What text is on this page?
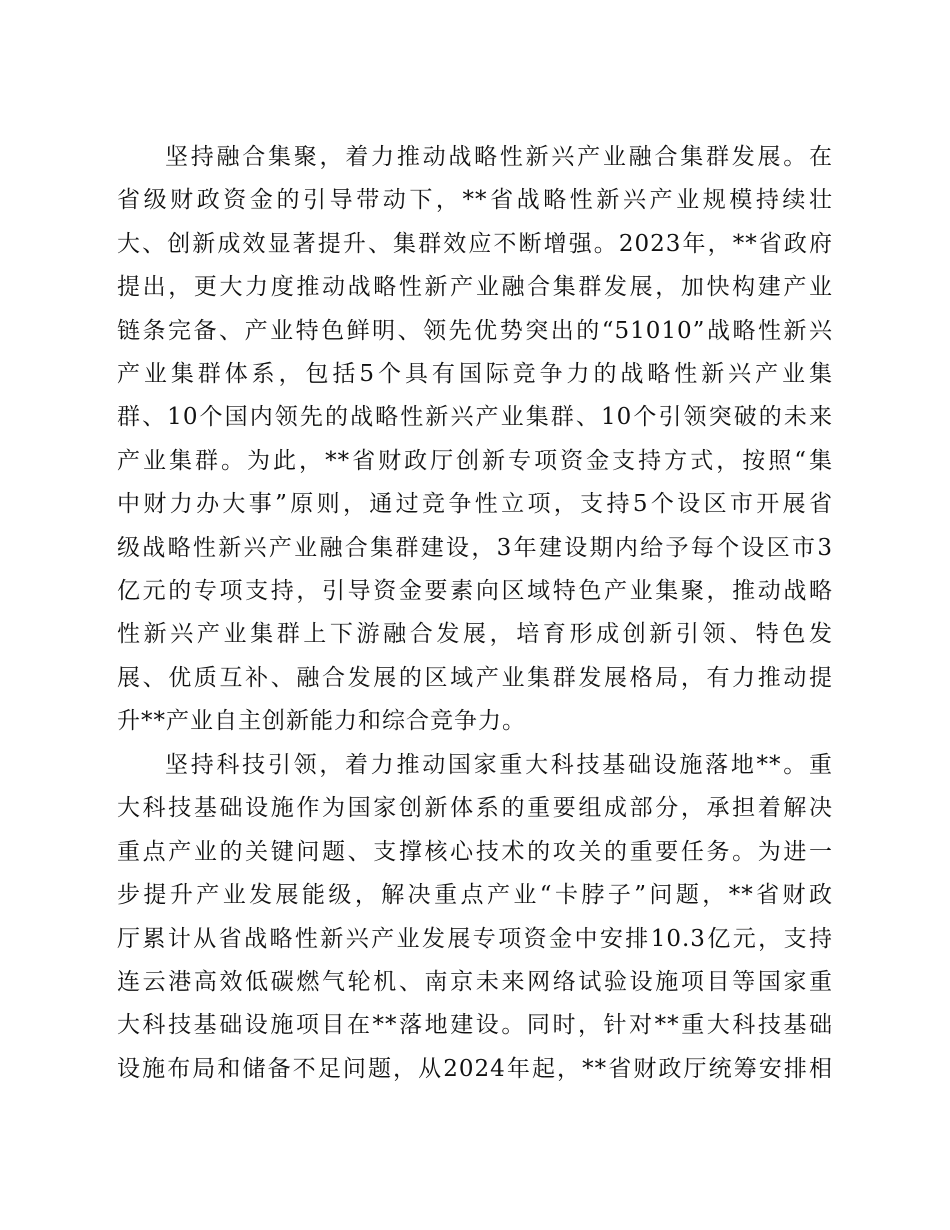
坚持融合集聚，着力推动战略性新兴产业融合集群发展。在
省级财政资金的引导带动下，**省战略性新兴产业规模持续壮
大、创新成效显著提升、集群效应不断增强。2023年，**省政府
提出，更大力度推动战略性新产业融合集群发展，加快构建产业
链条完备、产业特色鲜明、领先优势突出的“51010”战略性新兴
产业集群体系，包括5个具有国际竞争力的战略性新兴产业集
群、10个国内领先的战略性新兴产业集群、10个引领突破的未来
产业集群。为此，**省财政厅创新专项资金支持方式，按照“集
中财力办大事”原则，通过竞争性立项，支持5个设区市开展省
级战略性新兴产业融合集群建设，3年建设期内给予每个设区市3
亿元的专项支持，引导资金要素向区域特色产业集聚，推动战略
性新兴产业集群上下游融合发展，培育形成创新引领、特色发
展、优质互补、融合发展的区域产业集群发展格局，有力推动提
升**产业自主创新能力和综合竞争力。
坚持科技引领，着力推动国家重大科技基础设施落地**。重
大科技基础设施作为国家创新体系的重要组成部分，承担着解决
重点产业的关键问题、支撑核心技术的攻关的重要任务。为进一
步提升产业发展能级，解决重点产业“卡脖子”问题，**省财政
厅累计从省战略性新兴产业发展专项资金中安排10.3亿元，支持
连云港高效低碳燃气轮机、南京未来网络试验设施项目等国家重
大科技基础设施项目在**落地建设。同时，针对**重大科技基础
设施布局和储备不足问题，从2024年起，**省财政厅统筹安排相
